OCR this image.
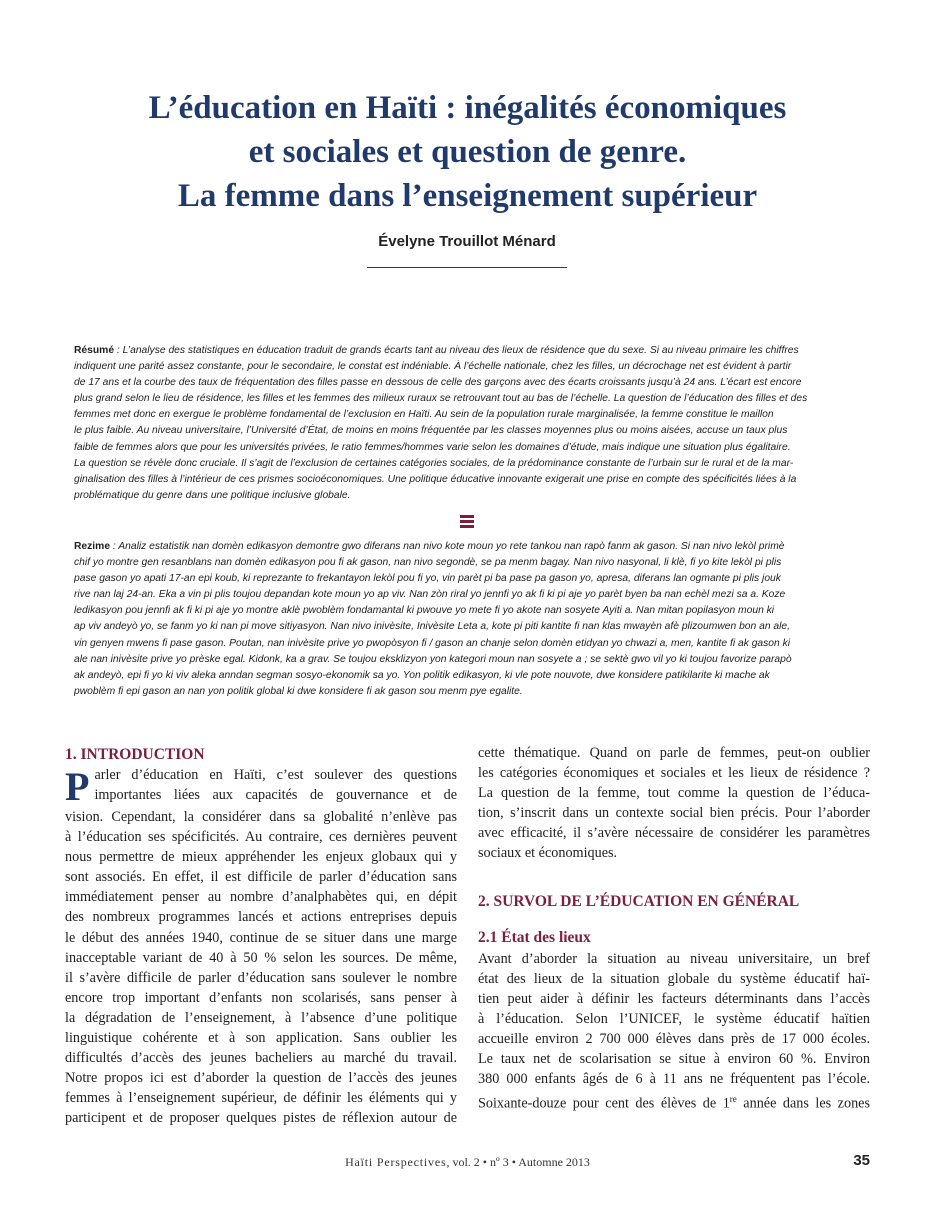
L’éducation en Haïti : inégalités économiques
et sociales et question de genre.
La femme dans l’enseignement supérieur
Évelyne Trouillot Ménard
Résumé : L’analyse des statistiques en éducation traduit de grands écarts tant au niveau des lieux de résidence que du sexe. Si au niveau primaire les chiffres
indiquent une parité assez constante, pour le secondaire, le constat est indéniable. À l’échelle nationale, chez les filles, un décrochage net est évident à partir
de 17 ans et la courbe des taux de fréquentation des filles passe en dessous de celle des garçons avec des écarts croissants jusqu’à 24 ans. L’écart est encore
plus grand selon le lieu de résidence, les filles et les femmes des milieux ruraux se retrouvant tout au bas de l’échelle. La question de l’éducation des filles et des
femmes met donc en exergue le problème fondamental de l’exclusion en Haïti. Au sein de la population rurale marginalisée, la femme constitue le maillon
le plus faible. Au niveau universitaire, l’Université d’État, de moins en moins fréquentée par les classes moyennes plus ou moins aisées, accuse un taux plus
faible de femmes alors que pour les universités privées, le ratio femmes/hommes varie selon les domaines d’étude, mais indique une situation plus égalitaire.
La question se révèle donc cruciale. Il s’agit de l’exclusion de certaines catégories sociales, de la prédominance constante de l’urbain sur le rural et de la mar-
ginalisation des filles à l’intérieur de ces prismes socioéconomiques. Une politique éducative innovante exigerait une prise en compte des spécificités liées à la
problématique du genre dans une politique inclusive globale.
Rezime : Analiz estatistik nan domèn edikasyon demontre gwo diferans nan nivo kote moun yo rete tankou nan rapò fanm ak gason. Si nan nivo lekòl primè
chif yo montre gen resanblans nan domèn edikasyon pou fi ak gason, nan nivo segondè, se pa menm bagay. Nan nivo nasyonal, li klè, fi yo kite lekòl pi plis
pase gason yo apati 17-an epi koub, ki reprezante to frekantayon lekòl pou fi yo, vin parèt pi ba pase pa gason yo, apresa, diferans lan ogmante pi plis jouk
rive nan laj 24-an. Eka a vin pi plis toujou depandan kote moun yo ap viv. Nan zòn riral yo jennfi yo ak fi ki pi aje yo parèt byen ba nan echèl mezi sa a. Koze
ledikasyon pou jennfi ak fi ki pi aje yo montre aklè pwoblèm fondamantal ki pwouve yo mete fi yo akote nan sosyete Ayiti a. Nan mitan popilasyon moun ki
ap viv andeyò yo, se fanm yo ki nan pi move sitiyasyon. Nan nivo inivèsite, Inivèsite Leta a, kote pi piti kantite fi nan klas mwayèn afè plizoumwen bon an ale,
vin genyen mwens fi pase gason. Poutan, nan inivèsite prive yo pwopòsyon fi / gason an chanje selon domèn etidyan yo chwazi a, men, kantite fi ak gason ki
ale nan inivèsite prive yo prèske egal. Kidonk, ka a grav. Se toujou eksklizyon yon kategori moun nan sosyete a ; se sektè gwo vil yo ki toujou favorize parapò
ak andeyò, epi fi yo ki viv aleka anndan segman sosyo-ekonomik sa yo. Yon politik edikasyon, ki vle pote nouvote, dwe konsidere patikilarite ki mache ak
pwoblèm fi epi gason an nan yon politik global ki dwe konsidere fi ak gason sou menm pye egalite.
1. INTRODUCTION
P arler d’éducation en Haïti, c’est soulever des questions
importantes liées aux capacités de gouvernance et de
vision. Cependant, la considérer dans sa globalité n’enlève pas
à l’éducation ses spécificités. Au contraire, ces dernières peuvent
nous permettre de mieux appréhender les enjeux globaux qui y
sont associés. En effet, il est difficile de parler d’éducation sans
immédiatement penser au nombre d’analphabètes qui, en dépit
des nombreux programmes lancés et actions entreprises depuis
le début des années 1940, continue de se situer dans une marge
inacceptable variant de 40 à 50 % selon les sources. De même,
il s’avère difficile de parler d’éducation sans soulever le nombre
encore trop important d’enfants non scolarisés, sans penser à
la dégradation de l’enseignement, à l’absence d’une politique
linguistique cohérente et à son application. Sans oublier les
difficultés d’accès des jeunes bacheliers au marché du travail.
Notre propos ici est d’aborder la question de l’accès des jeunes
femmes à l’enseignement supérieur, de définir les éléments qui y
participent et de proposer quelques pistes de réflexion autour de
cette thématique. Quand on parle de femmes, peut-on oublier
les catégories économiques et sociales et les lieux de résidence ?
La question de la femme, tout comme la question de l’éduca-
tion, s’inscrit dans un contexte social bien précis. Pour l’aborder
avec efficacité, il s’avère nécessaire de considérer les paramètres
sociaux et économiques.
2. SURVOL DE L’ÉDUCATION EN GÉNÉRAL
2.1 État des lieux
Avant d’aborder la situation au niveau universitaire, un bref
état des lieux de la situation globale du système éducatif haï-
tien peut aider à définir les facteurs déterminants dans l’accès
à l’éducation. Selon l’UNICEF, le système éducatif haïtien
accueille environ 2 700 000 élèves dans près de 17 000 écoles.
Le taux net de scolarisation se situe à environ 60 %. Environ
380 000 enfants âgés de 6 à 11 ans ne fréquentent pas l’école.
Soixante-douze pour cent des élèves de 1re année dans les zones
Haïti Perspectives, vol. 2 • nº 3 • Automne 2013	35
